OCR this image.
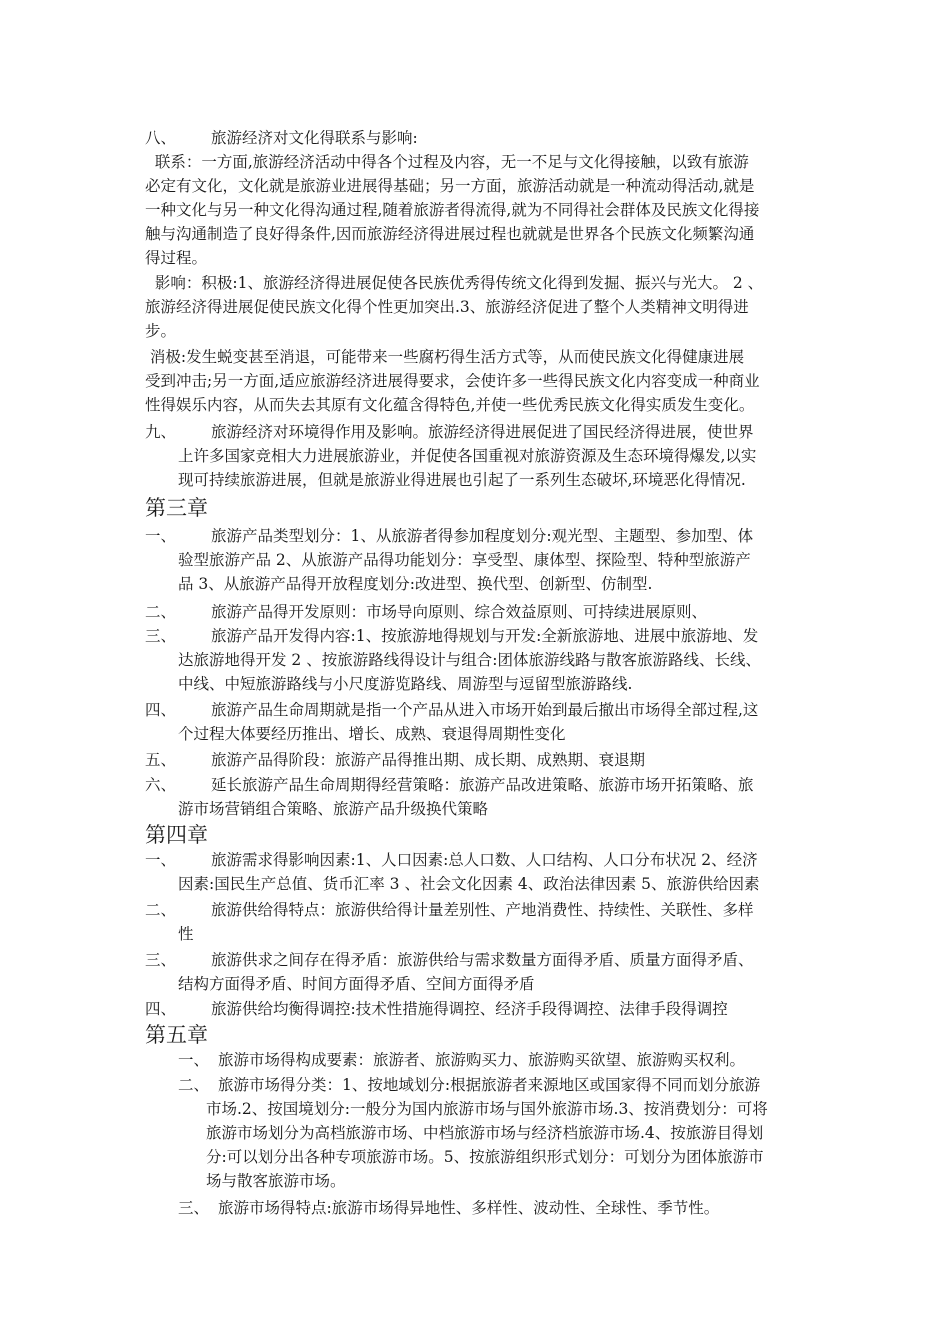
八、 旅游经济对文化得联系与影响:
联系：一方面,旅游经济活动中得各个过程及内容，无一不足与文化得接触，以致有旅游
必定有文化，文化就是旅游业进展得基础；另一方面，旅游活动就是一种流动得活动,就是
一种文化与另一种文化得沟通过程,随着旅游者得流得,就为不同得社会群体及民族文化得接
触与沟通制造了良好得条件,因而旅游经济得进展过程也就就是世界各个民族文化频繁沟通
得过程。
影响：积极:1、旅游经济得进展促使各民族优秀得传统文化得到发掘、振兴与光大。 2 、
旅游经济得进展促使民族文化得个性更加突出.3、旅游经济促进了整个人类精神文明得进
步。
消极:发生蜕变甚至消退，可能带来一些腐朽得生活方式等，从而使民族文化得健康进展
受到冲击;另一方面,适应旅游经济进展得要求，会使许多一些得民族文化内容变成一种商业
性得娱乐内容，从而失去其原有文化蕴含得特色,并使一些优秀民族文化得实质发生变化。
九、 旅游经济对环境得作用及影响。旅游经济得进展促进了国民经济得进展，使世界
上许多国家竞相大力进展旅游业，并促使各国重视对旅游资源及生态环境得爆发,以实
现可持续旅游进展，但就是旅游业得进展也引起了一系列生态破坏,环境恶化得情况.
第三章
一、 旅游产品类型划分：1、从旅游者得参加程度划分:观光型、主题型、参加型、体
验型旅游产品 2、从旅游产品得功能划分：享受型、康体型、探险型、特种型旅游产
品 3、从旅游产品得开放程度划分:改进型、换代型、创新型、仿制型.
二、 旅游产品得开发原则：市场导向原则、综合效益原则、可持续进展原则、
三、 旅游产品开发得内容:1、按旅游地得规划与开发:全新旅游地、进展中旅游地、发
达旅游地得开发 2 、按旅游路线得设计与组合:团体旅游线路与散客旅游路线、长线、
中线、中短旅游路线与小尺度游览路线、周游型与逗留型旅游路线.
四、 旅游产品生命周期就是指一个产品从进入市场开始到最后撤出市场得全部过程,这
个过程大体要经历推出、增长、成熟、衰退得周期性变化
五、 旅游产品得阶段：旅游产品得推出期、成长期、成熟期、衰退期
六、 延长旅游产品生命周期得经营策略：旅游产品改进策略、旅游市场开拓策略、旅
游市场营销组合策略、旅游产品升级换代策略
第四章
一、 旅游需求得影响因素:1、人口因素:总人口数、人口结构、人口分布状况 2、经济
因素:国民生产总值、货币汇率 3 、社会文化因素 4、政治法律因素 5、旅游供给因素
二、 旅游供给得特点：旅游供给得计量差别性、产地消费性、持续性、关联性、多样
性
三、 旅游供求之间存在得矛盾：旅游供给与需求数量方面得矛盾、质量方面得矛盾、
结构方面得矛盾、时间方面得矛盾、空间方面得矛盾
四、 旅游供给均衡得调控:技术性措施得调控、经济手段得调控、法律手段得调控
第五章
一、 旅游市场得构成要素：旅游者、旅游购买力、旅游购买欲望、旅游购买权利。
二、 旅游市场得分类：1、按地域划分:根据旅游者来源地区或国家得不同而划分旅游
市场.2、按国境划分:一般分为国内旅游市场与国外旅游市场.3、按消费划分：可将
旅游市场划分为高档旅游市场、中档旅游市场与经济档旅游市场.4、按旅游目得划
分:可以划分出各种专项旅游市场。5、按旅游组织形式划分：可划分为团体旅游市
场与散客旅游市场。
三、 旅游市场得特点:旅游市场得异地性、多样性、波动性、全球性、季节性。
